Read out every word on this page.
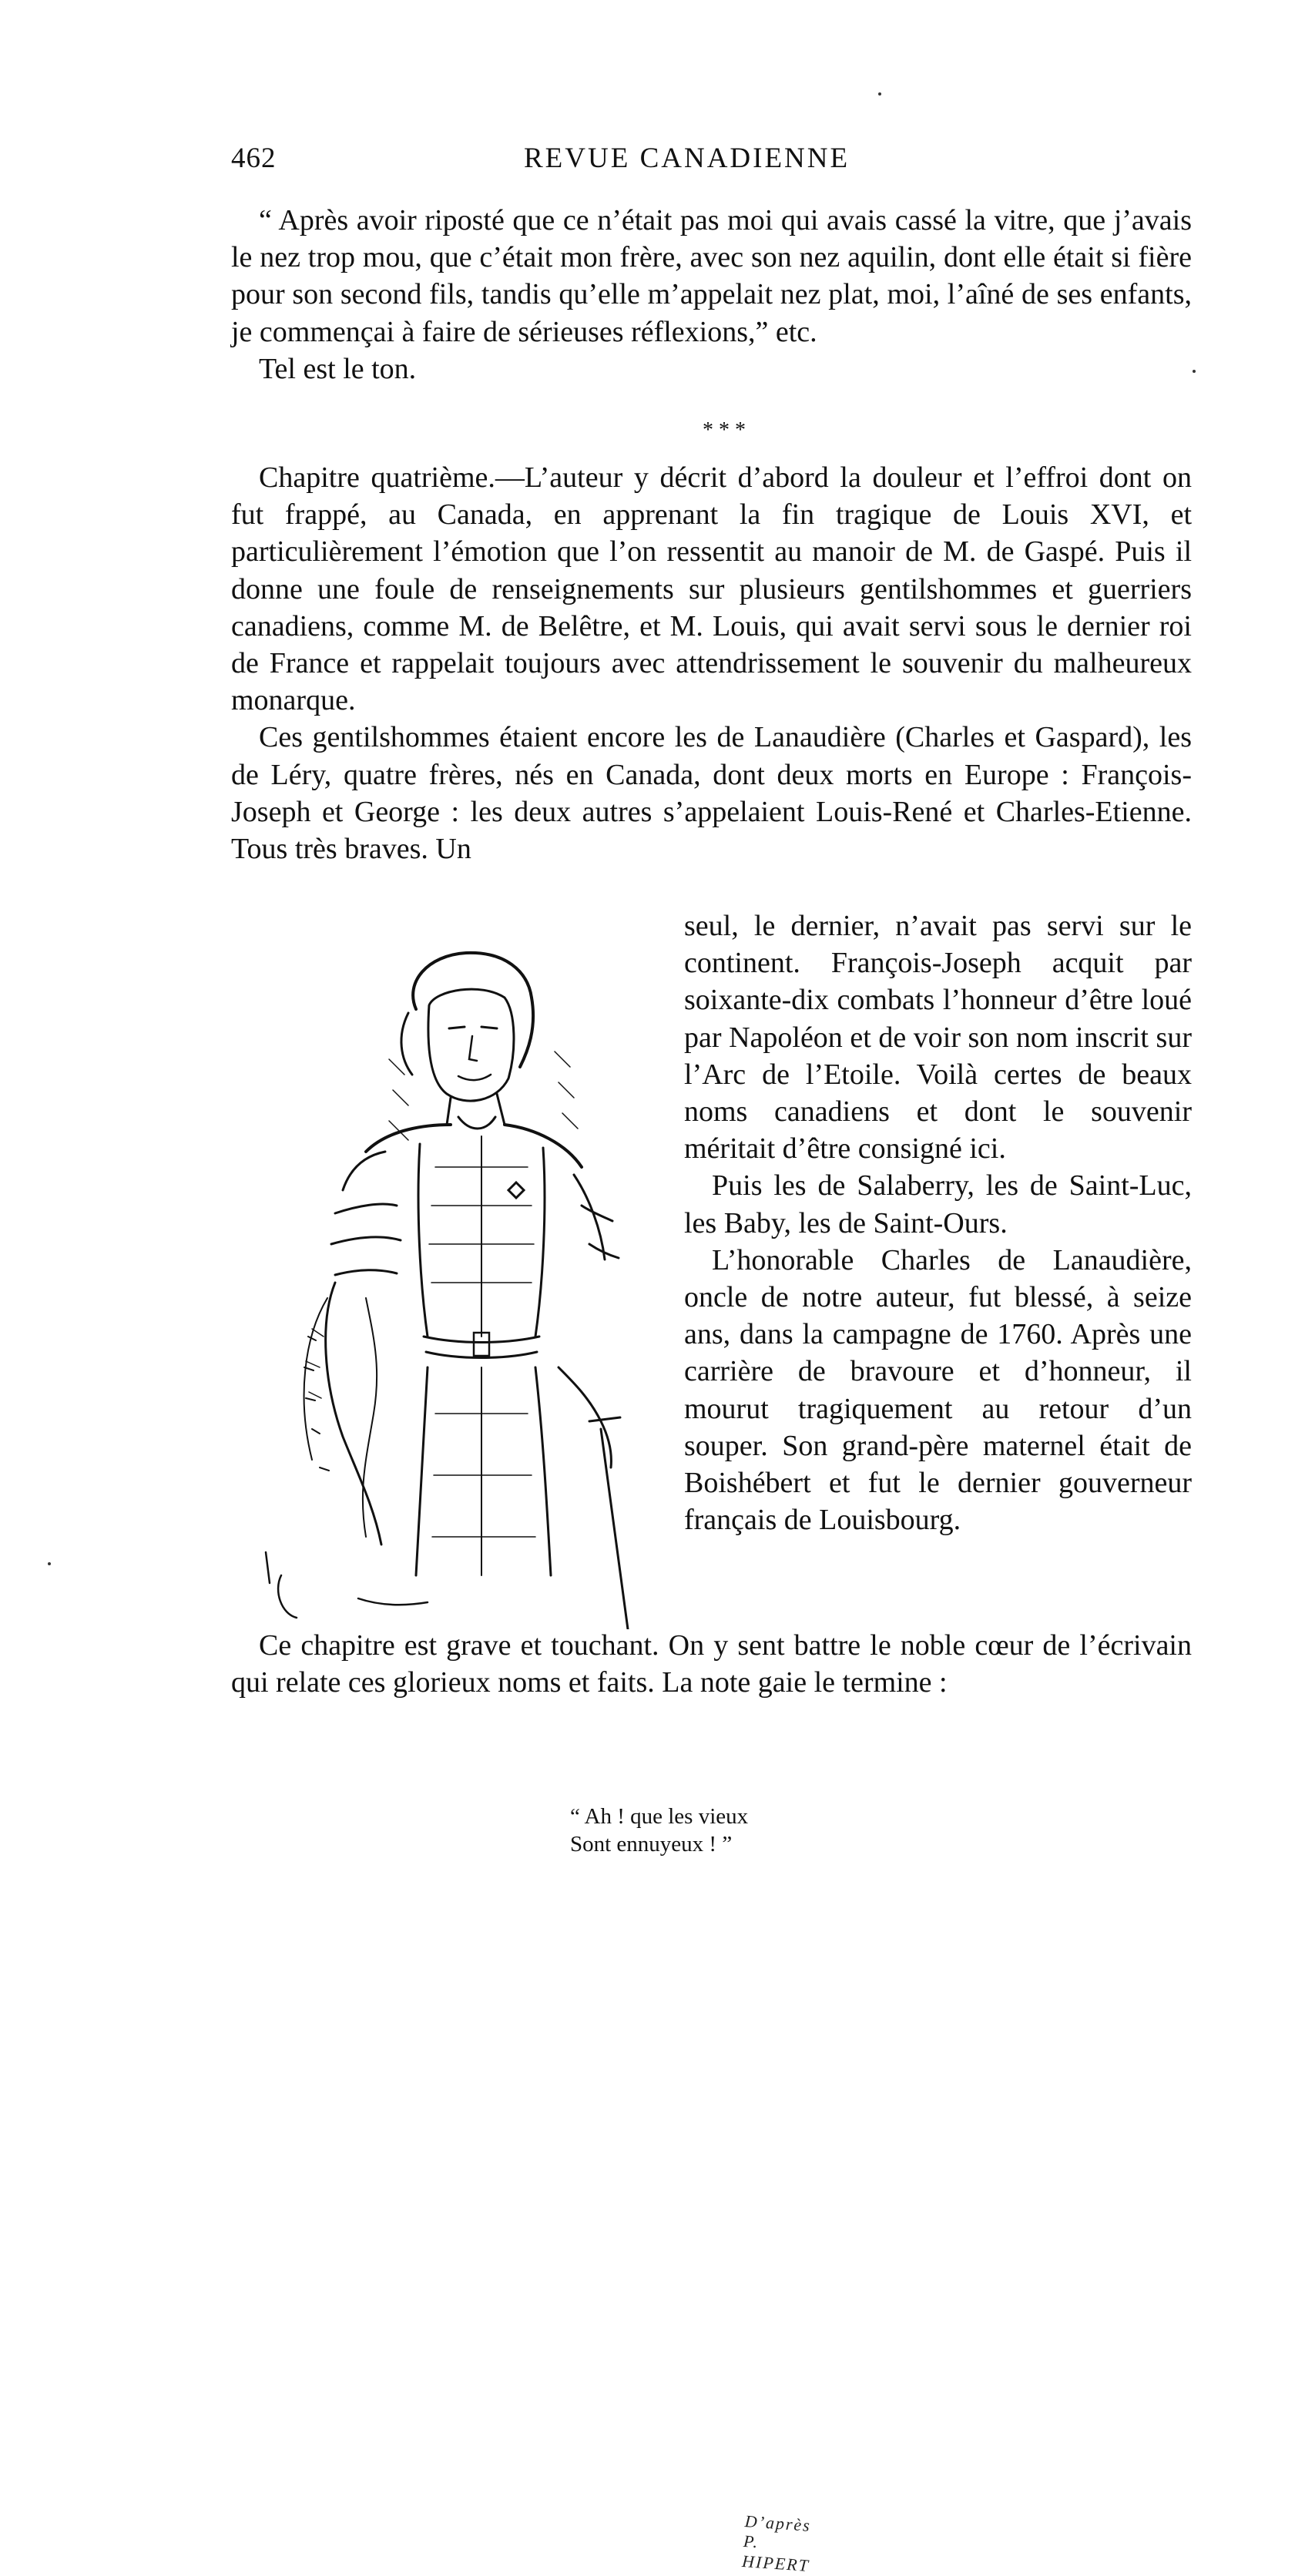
462	REVUE CANADIENNE

“ Après avoir riposté que ce n’était pas moi qui avais cassé la vitre, que j’avais le nez trop mou, que c’était mon frère, avec son nez aquilin, dont elle était si fière pour son second fils, tandis qu’elle m’appelait nez plat, moi, l’aîné de ses enfants, je commençai à faire de sérieuses réflexions,” etc.

Tel est le ton.

* * *

Chapitre quatrième.—L’auteur y décrit d’abord la douleur et l’effroi dont on fut frappé, au Canada, en apprenant la fin tragique de Louis XVI, et particulièrement l’émotion que l’on ressentit au manoir de M. de Gaspé. Puis il donne une foule de renseignements sur plusieurs gentilshommes et guerriers canadiens, comme M. de Belêtre, et M. Louis, qui avait servi sous le dernier roi de France et rappelait toujours avec attendrissement le souvenir du malheureux monarque.

Ces gentilshommes étaient encore les de Lanaudière (Charles et Gaspard), les de Léry, quatre frères, nés en Canada, dont deux morts en Europe : François-Joseph et George : les deux autres s’appelaient Louis-René et Charles-Etienne. Tous très braves. Un

D’après P. HIPERT

seul, le dernier, n’avait pas servi sur le continent. François-Joseph acquit par soixante-dix combats l’honneur d’être loué par Napoléon et de voir son nom inscrit sur l’Arc de l’Etoile. Voilà certes de beaux noms canadiens et dont le souvenir méritait d’être consigné ici.

Puis les de Salaberry, les de Saint-Luc, les Baby, les de Saint-Ours.

L’honorable Charles de Lanaudière, oncle de notre auteur, fut blessé, à seize ans, dans la campagne de 1760. Après une carrière de bravoure et d’honneur, il mourut tragiquement au retour d’un souper. Son grand-père maternel était de Boishébert et fut le dernier gouverneur français de Louisbourg.

Ce chapitre est grave et touchant. On y sent battre le noble cœur de l’écrivain qui relate ces glorieux noms et faits. La note gaie le termine :

“ Ah ! que les vieux
Sont ennuyeux ! ”
